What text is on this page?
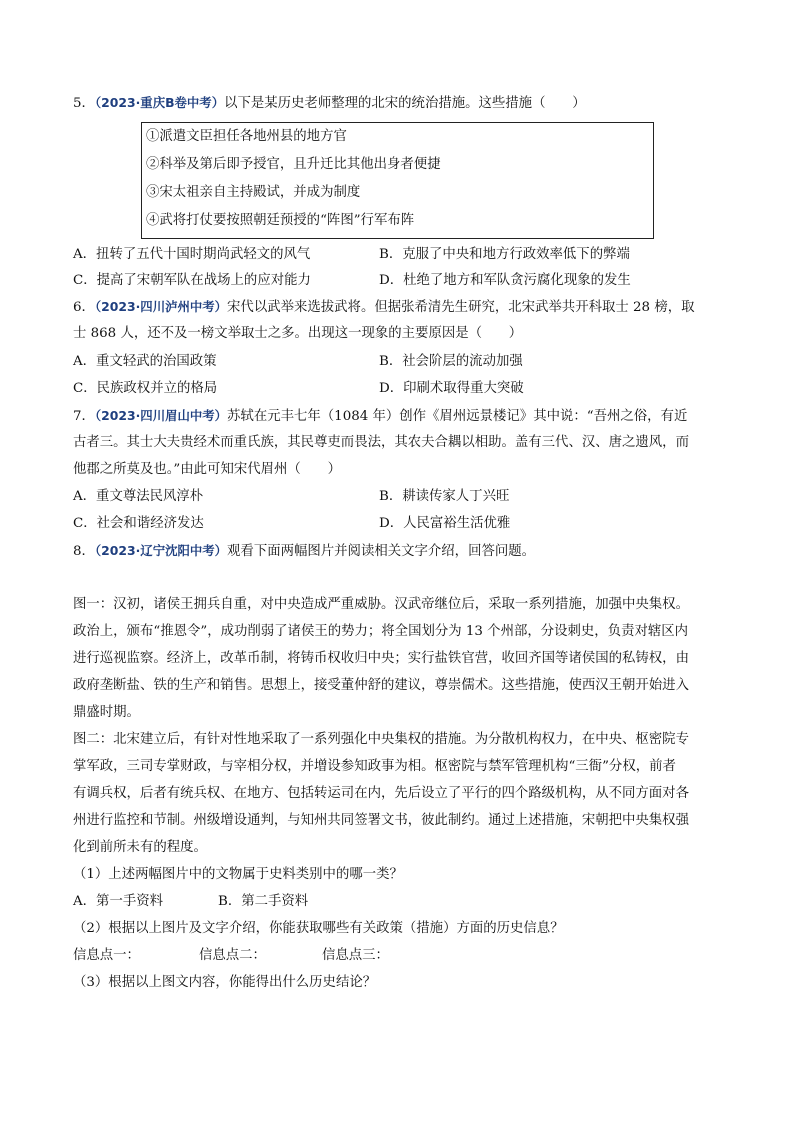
5．（2023·重庆B卷中考）以下是某历史老师整理的北宋的统治措施。这些措施（　　）
①派遣文臣担任各地州县的地方官
②科举及第后即予授官，且升迁比其他出身者便捷
③宋太祖亲自主持殿试，并成为制度
④武将打仗要按照朝廷预授的“阵图”行军布阵
A．扭转了五代十国时期尚武轻文的风气	B．克服了中央和地方行政效率低下的弊端
C．提高了宋朝军队在战场上的应对能力	D．杜绝了地方和军队贪污腐化现象的发生
6．（2023·四川泸州中考）宋代以武举来选拔武将。但据张希清先生研究，北宋武举共开科取士 28 榜，取
士 868 人，还不及一榜文举取士之多。出现这一现象的主要原因是（　　）
A．重文轻武的治国政策	B．社会阶层的流动加强
C．民族政权并立的格局	D．印刷术取得重大突破
7．（2023·四川眉山中考）苏轼在元丰七年（1084 年）创作《眉州远景楼记》其中说：“吾州之俗，有近
古者三。其士大夫贵经术而重氏族，其民尊吏而畏法，其农夫合耦以相助。盖有三代、汉、唐之遗风，而
他郡之所莫及也。”由此可知宋代眉州（　　）
A．重文尊法民风淳朴	B．耕读传家人丁兴旺
C．社会和谐经济发达	D．人民富裕生活优雅
8．（2023·辽宁沈阳中考）观看下面两幅图片并阅读相关文字介绍，回答问题。
图一：汉初，诸侯王拥兵自重，对中央造成严重威胁。汉武帝继位后，采取一系列措施，加强中央集权。
政治上，颁布“推恩令”，成功削弱了诸侯王的势力；将全国划分为 13 个州部，分设刺史，负责对辖区内
进行巡视监察。经济上，改革币制，将铸币权收归中央；实行盐铁官营，收回齐国等诸侯国的私铸权，由
政府垄断盐、铁的生产和销售。思想上，接受董仲舒的建议，尊崇儒术。这些措施，使西汉王朝开始进入
鼎盛时期。
图二：北宋建立后，有针对性地采取了一系列强化中央集权的措施。为分散机构权力，在中央、枢密院专
掌军政，三司专掌财政，与宰相分权，并增设参知政事为相。枢密院与禁军管理机构“三衙”分权，前者
有调兵权，后者有统兵权、在地方、包括转运司在内，先后设立了平行的四个路级机构，从不同方面对各
州进行监控和节制。州级增设通判，与知州共同签署文书，彼此制约。通过上述措施，宋朝把中央集权强
化到前所未有的程度。
（1）上述两幅图片中的文物属于史料类别中的哪一类？
A．第一手资料	B．第二手资料
（2）根据以上图片及文字介绍，你能获取哪些有关政策（措施）方面的历史信息？
信息点一：	信息点二：	信息点三：
（3）根据以上图文内容，你能得出什么历史结论？
